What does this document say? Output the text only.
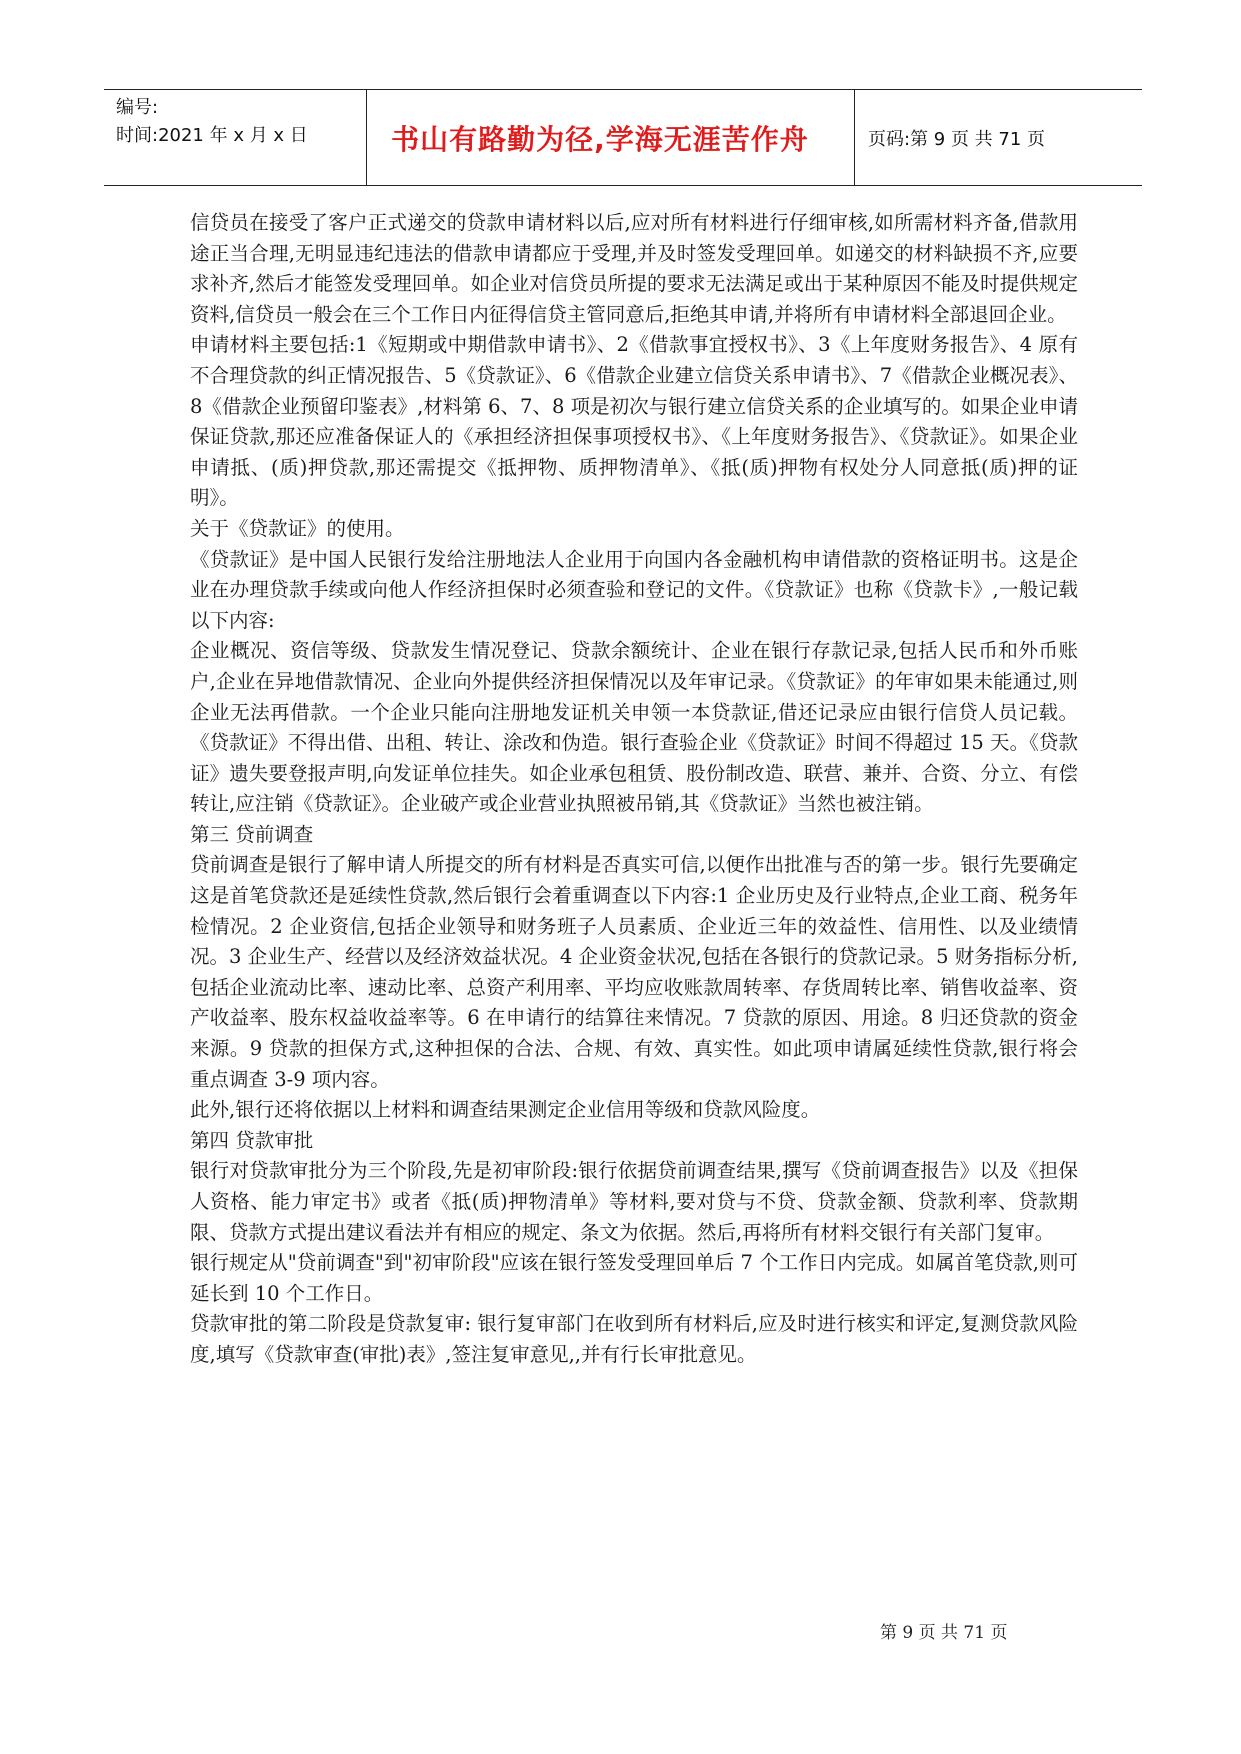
编号:
时间:2021 年 x 月 x 日	书山有路勤为径,学海无涯苦作舟	页码:第 9 页 共 71 页

信贷员在接受了客户正式递交的贷款申请材料以后,应对所有材料进行仔细审核,如所需材料齐备,借款用途正当合理,无明显违纪违法的借款申请都应于受理,并及时签发受理回单。如递交的材料缺损不齐,应要求补齐,然后才能签发受理回单。如企业对信贷员所提的要求无法满足或出于某种原因不能及时提供规定资料,信贷员一般会在三个工作日内征得信贷主管同意后,拒绝其申请,并将所有申请材料全部退回企业。

申请材料主要包括:1《短期或中期借款申请书》、2《借款事宜授权书》、3《上年度财务报告》、4 原有不合理贷款的纠正情况报告、5《贷款证》、6《借款企业建立信贷关系申请书》、7《借款企业概况表》、8《借款企业预留印鉴表》,材料第 6、7、8 项是初次与银行建立信贷关系的企业填写的。如果企业申请保证贷款,那还应准备保证人的《承担经济担保事项授权书》、《上年度财务报告》、《贷款证》。如果企业申请抵、(质)押贷款,那还需提交《抵押物、质押物清单》、《抵(质)押物有权处分人同意抵(质)押的证明》。

关于《贷款证》的使用。

《贷款证》是中国人民银行发给注册地法人企业用于向国内各金融机构申请借款的资格证明书。这是企业在办理贷款手续或向他人作经济担保时必须查验和登记的文件。《贷款证》也称《贷款卡》,一般记载以下内容:

企业概况、资信等级、贷款发生情况登记、贷款余额统计、企业在银行存款记录,包括人民币和外币账户,企业在异地借款情况、企业向外提供经济担保情况以及年审记录。《贷款证》的年审如果未能通过,则企业无法再借款。一个企业只能向注册地发证机关申领一本贷款证,借还记录应由银行信贷人员记载。《贷款证》不得出借、出租、转让、涂改和伪造。银行查验企业《贷款证》时间不得超过 15 天。《贷款证》遗失要登报声明,向发证单位挂失。如企业承包租赁、股份制改造、联营、兼并、合资、分立、有偿转让,应注销《贷款证》。企业破产或企业营业执照被吊销,其《贷款证》当然也被注销。

第三 贷前调查

贷前调查是银行了解申请人所提交的所有材料是否真实可信,以便作出批准与否的第一步。银行先要确定这是首笔贷款还是延续性贷款,然后银行会着重调查以下内容:1 企业历史及行业特点,企业工商、税务年检情况。2 企业资信,包括企业领导和财务班子人员素质、企业近三年的效益性、信用性、以及业绩情况。3 企业生产、经营以及经济效益状况。4 企业资金状况,包括在各银行的贷款记录。5 财务指标分析,包括企业流动比率、速动比率、总资产利用率、平均应收账款周转率、存货周转比率、销售收益率、资产收益率、股东权益收益率等。6 在申请行的结算往来情况。7 贷款的原因、用途。8 归还贷款的资金来源。9 贷款的担保方式,这种担保的合法、合规、有效、真实性。如此项申请属延续性贷款,银行将会重点调查 3-9 项内容。

此外,银行还将依据以上材料和调查结果测定企业信用等级和贷款风险度。

第四 贷款审批

银行对贷款审批分为三个阶段,先是初审阶段:银行依据贷前调查结果,撰写《贷前调查报告》以及《担保人资格、能力审定书》或者《抵(质)押物清单》等材料,要对贷与不贷、贷款金额、贷款利率、贷款期限、贷款方式提出建议看法并有相应的规定、条文为依据。然后,再将所有材料交银行有关部门复审。

银行规定从"贷前调查"到"初审阶段"应该在银行签发受理回单后 7 个工作日内完成。如属首笔贷款,则可延长到 10 个工作日。

贷款审批的第二阶段是贷款复审: 银行复审部门在收到所有材料后,应及时进行核实和评定,复测贷款风险度,填写《贷款审查(审批)表》,签注复审意见,,并有行长审批意见。

第 9 页 共 71 页
